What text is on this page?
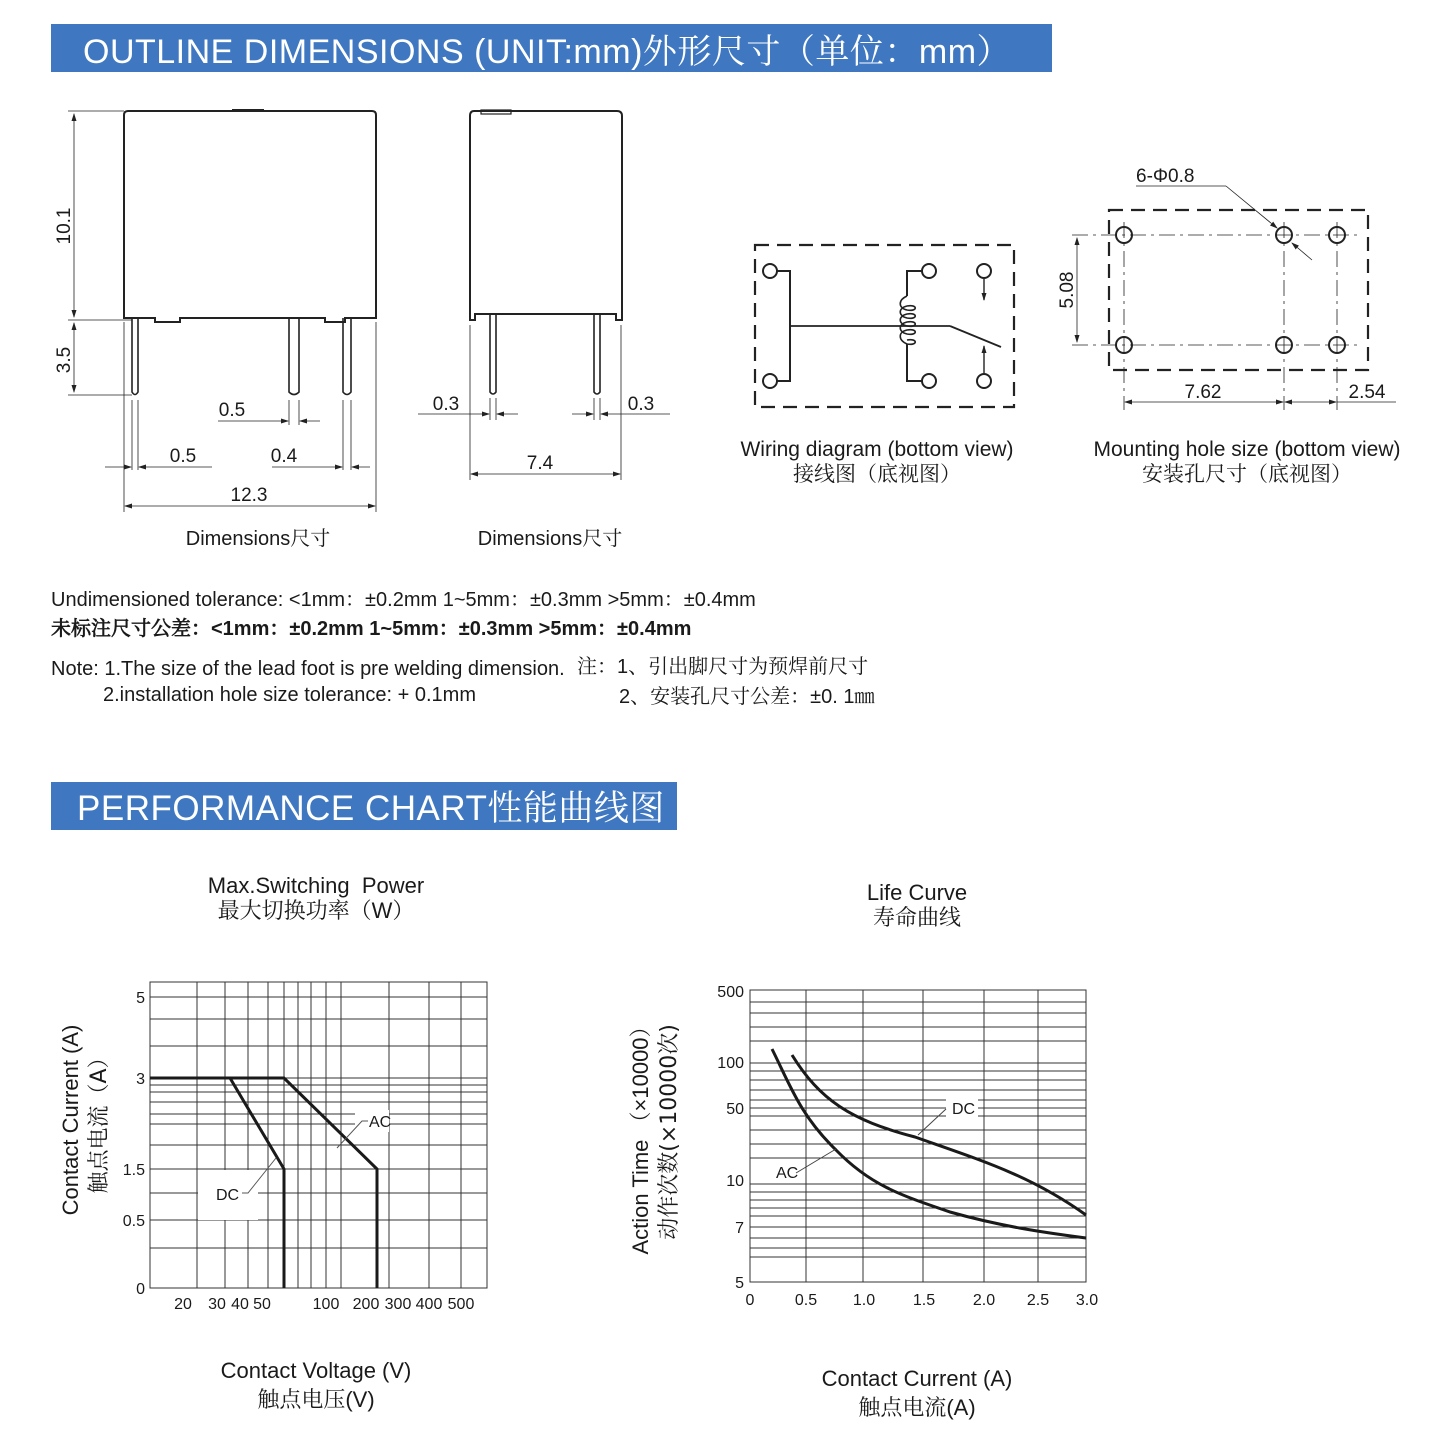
OUTLINE DIMENSIONS (UNIT:mm)外形尺寸（单位：mm）
PERFORMANCE CHART性能曲线图
10.1
3.5
0.5
0.5	0.4
12.3
0.3	0.3
7.4
6-Φ0.8
5.08
7.62	2.54
DC
AC
5
3
1.5
0.5
0
20 30 40 50	100 200 300 400 500
Contact Current (A) 触点电流（A）	AC
DC
500
100
50
10
7
5
0	0.5 1.0 1.5 2.0 2.5 3.0
Action Time （×10000） 动作次数(×10000次)
Dimensions尺寸	Dimensions尺寸
Wiring diagram (bottom view)
接线图（底视图）
Mounting hole size (bottom view)
安装孔尺寸（底视图）
Undimensioned tolerance: <1mm：±0.2mm 1~5mm：±0.3mm >5mm：±0.4mm
未标注尺寸公差：<1mm：±0.2mm 1~5mm：±0.3mm >5mm：±0.4mm
Note: 1.The size of the lead foot is pre welding dimension.
2.installation hole size tolerance: + 0.1mm
注：1、引出脚尺寸为预焊前尺寸
2、安装孔尺寸公差：±0. 1㎜
Max.Switching  Power
最大切换功率（W）
Life Curve
寿命曲线
Contact Voltage (V)
触点电压(V)
Contact Current (A)
触点电流(A)
